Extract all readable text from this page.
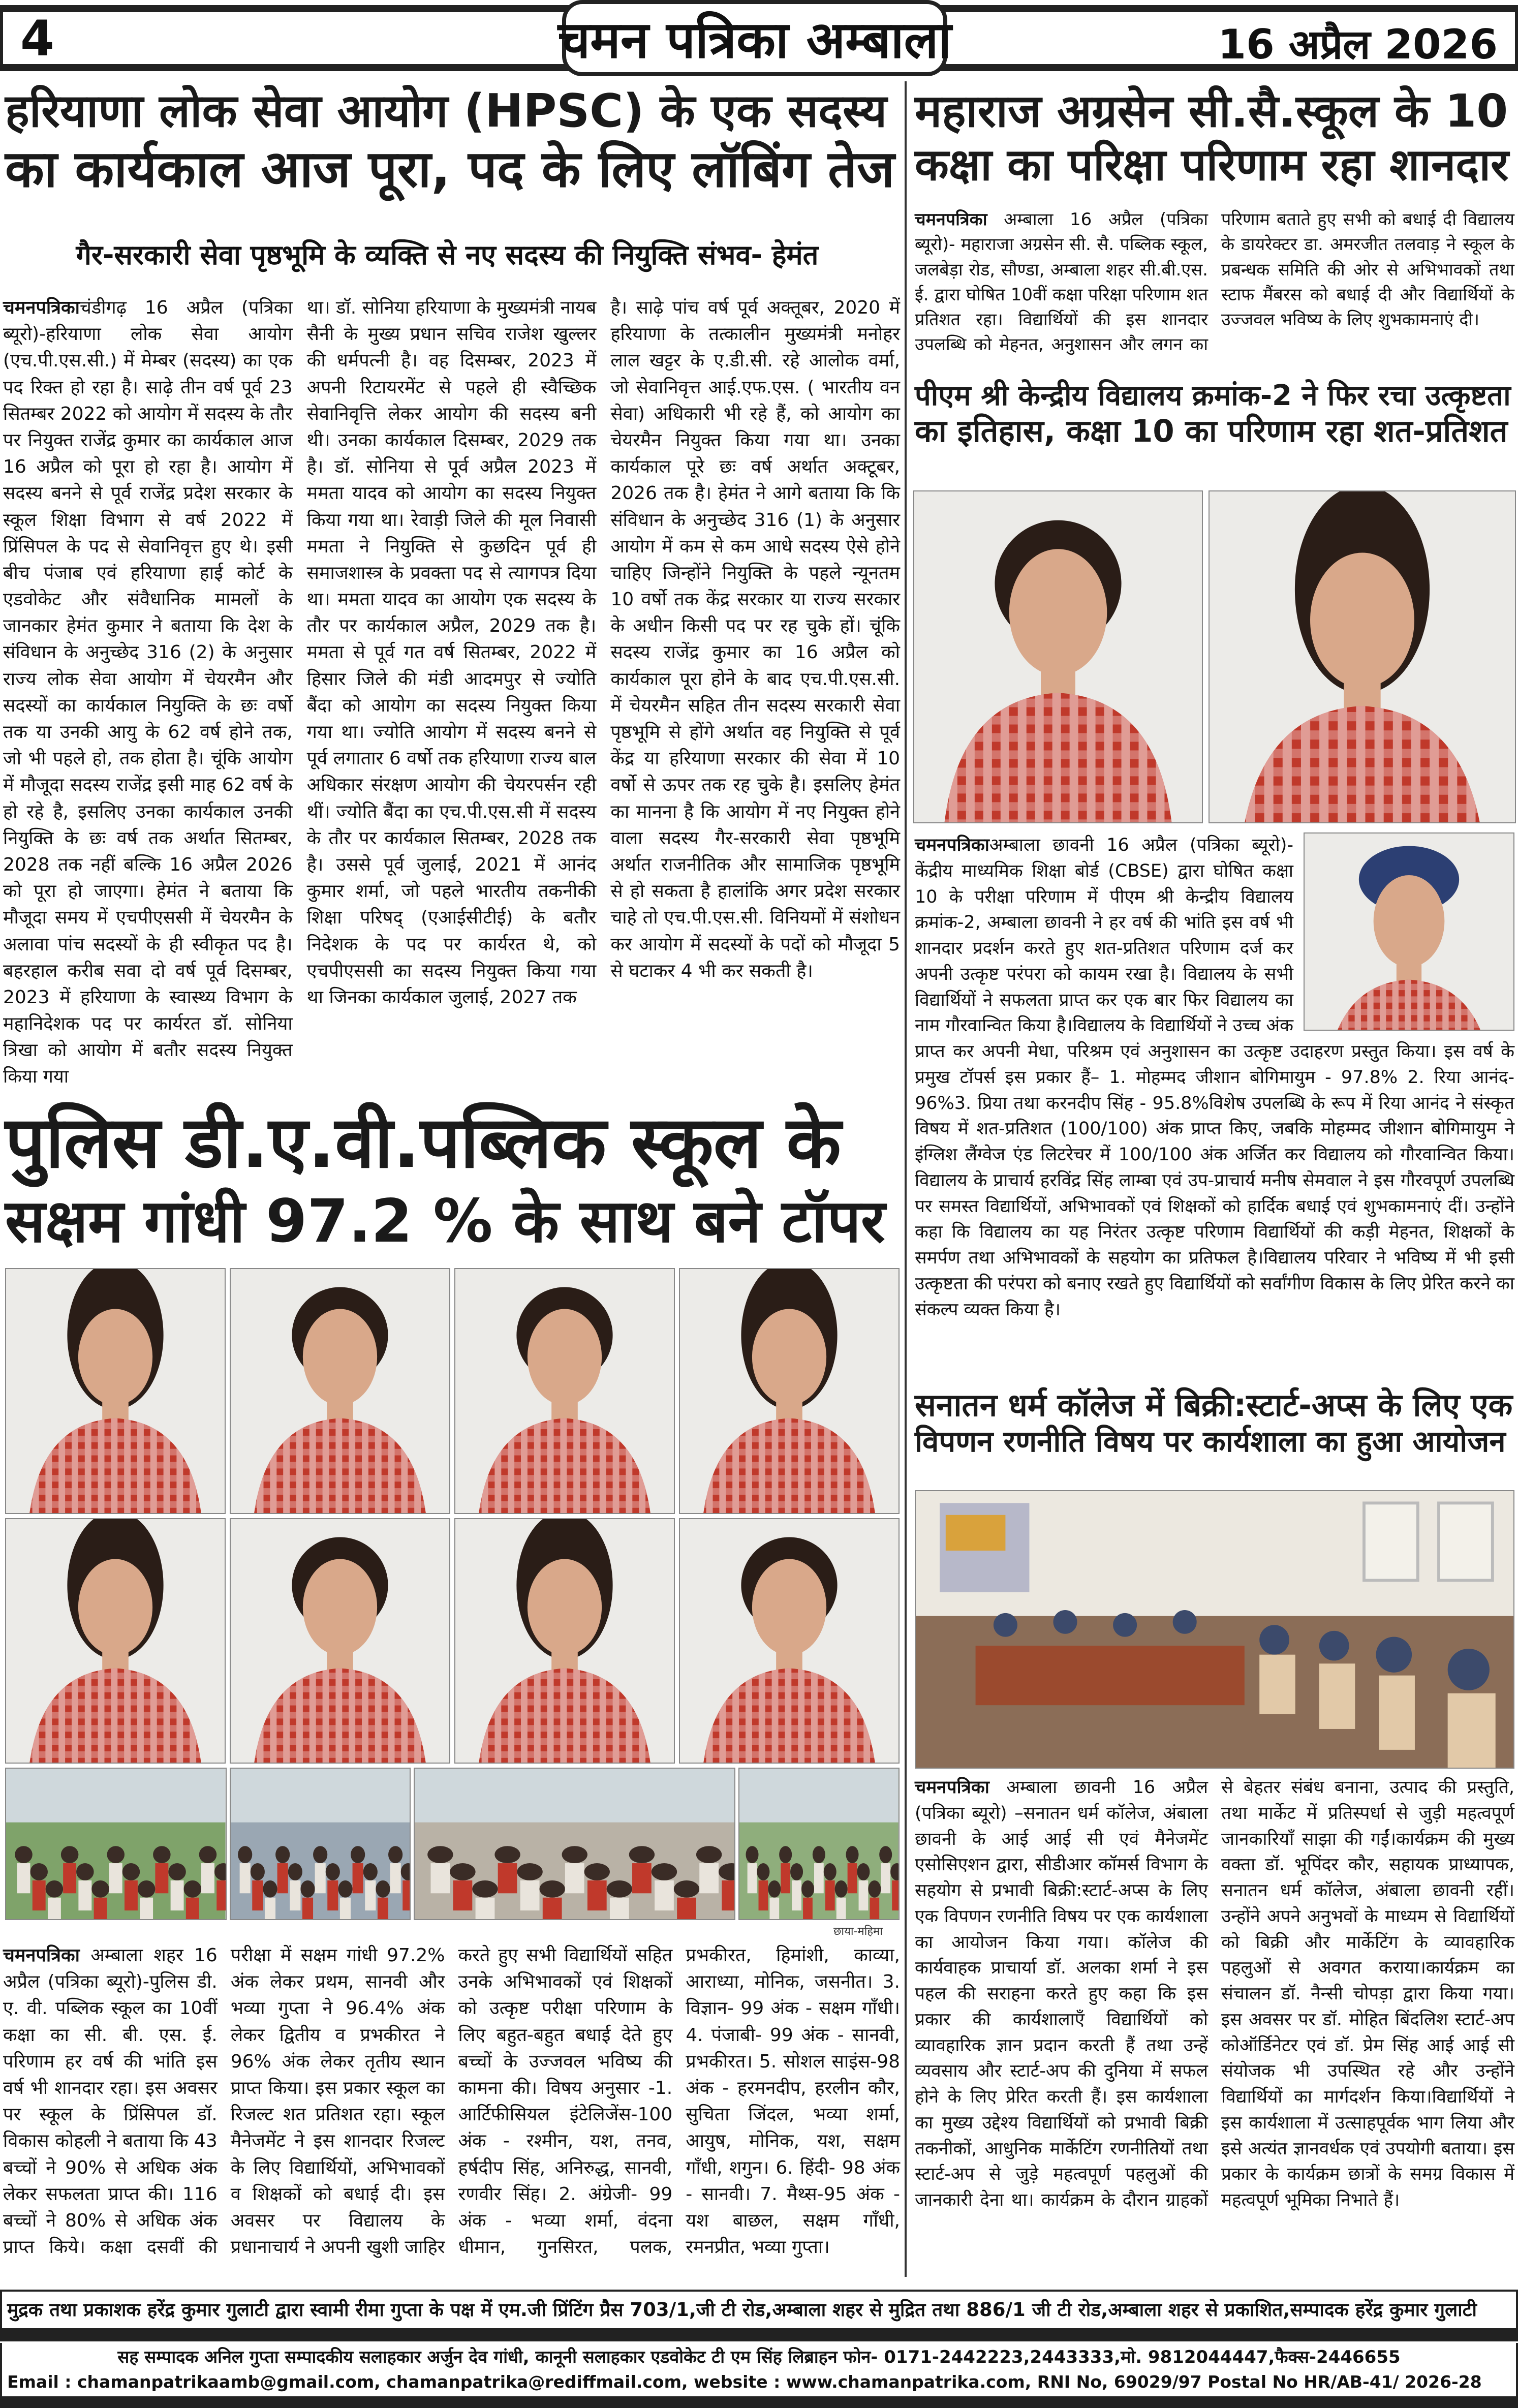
4	चमन पत्रिका अम्बाला	16 अप्रैल 2026
हरियाणा लोक सेवा आयोग (HPSC) के एक सदस्य
का कार्यकाल आज पूरा, पद के लिए लॉबिंग तेज
गैर-सरकारी सेवा पृष्ठभूमि के व्यक्ति से नए सदस्य की नियुक्ति संभव- हेमंत
चमनपत्रिकाचंडीगढ़ 16 अप्रैल (पत्रिका ब्यूरो)-हरियाणा लोक सेवा आयोग (एच.पी.एस.सी.) में मेम्बर (सदस्य) का एक पद रिक्त हो रहा है। साढ़े तीन वर्ष पूर्व 23 सितम्बर 2022 को आयोग में सदस्य के तौर पर नियुक्त राजेंद्र कुमार का कार्यकाल आज 16 अप्रैल को पूरा हो रहा है। आयोग में सदस्य बनने से पूर्व राजेंद्र प्रदेश सरकार के स्कूल शिक्षा विभाग से वर्ष 2022 में प्रिंसिपल के पद से सेवानिवृत्त हुए थे। इसी बीच पंजाब एवं हरियाणा हाई कोर्ट के एडवोकेट और संवैधानिक मामलों के जानकार हेमंत कुमार ने बताया कि देश के संविधान के अनुच्छेद 316 (2) के अनुसार राज्य लोक सेवा आयोग में चेयरमैन और सदस्यों का कार्यकाल नियुक्ति के छः वर्षो तक या उनकी आयु के 62 वर्ष होने तक, जो भी पहले हो, तक होता है। चूंकि आयोग में मौजूदा सदस्य राजेंद्र इसी माह 62 वर्ष के हो रहे है, इसलिए उनका कार्यकाल उनकी नियुक्ति के छः वर्ष तक अर्थात सितम्बर, 2028 तक नहीं बल्कि 16 अप्रैल 2026 को पूरा हो जाएगा। हेमंत ने बताया कि मौजूदा समय में एचपीएससी में चेयरमैन के अलावा पांच सदस्यों के ही स्वीकृत पद है। बहरहाल करीब सवा दो वर्ष पूर्व दिसम्बर, 2023 में हरियाणा के स्वास्थ्य विभाग के महानिदेशक पद पर कार्यरत डॉ. सोनिया त्रिखा को आयोग में बतौर सदस्य नियुक्त किया गया
था। डॉ. सोनिया हरियाणा के मुख्यमंत्री नायब सैनी के मुख्य प्रधान सचिव राजेश खुल्लर की धर्मपत्नी है। वह दिसम्बर, 2023 में अपनी रिटायरमेंट से पहले ही स्वैच्छिक सेवानिवृत्ति लेकर आयोग की सदस्य बनी थी। उनका कार्यकाल दिसम्बर, 2029 तक है। डॉ. सोनिया से पूर्व अप्रैल 2023 में ममता यादव को आयोग का सदस्य नियुक्त किया गया था। रेवाड़ी जिले की मूल निवासी ममता ने नियुक्ति से कुछदिन पूर्व ही समाजशास्त्र के प्रवक्ता पद से त्यागपत्र दिया था। ममता यादव का आयोग एक सदस्य के तौर पर कार्यकाल अप्रैल, 2029 तक है। ममता से पूर्व गत वर्ष सितम्बर, 2022 में हिसार जिले की मंडी आदमपुर से ज्योति बैंदा को आयोग का सदस्य नियुक्त किया गया था। ज्योति आयोग में सदस्य बनने से पूर्व लगातार 6 वर्षो तक हरियाणा राज्य बाल अधिकार संरक्षण आयोग की चेयरपर्सन रही थीं। ज्योति बैंदा का एच.पी.एस.सी में सदस्य के तौर पर कार्यकाल सितम्बर, 2028 तक है। उससे पूर्व जुलाई, 2021 में आनंद कुमार शर्मा, जो पहले भारतीय तकनीकी शिक्षा परिषद् (एआईसीटीई) के बतौर निदेशक के पद पर कार्यरत थे, को एचपीएससी का सदस्य नियुक्त किया गया था जिनका कार्यकाल जुलाई, 2027 तक
है। साढ़े पांच वर्ष पूर्व अक्तूबर, 2020 में हरियाणा के तत्कालीन मुख्यमंत्री मनोहर लाल खट्टर के ए.डी.सी. रहे आलोक वर्मा, जो सेवानिवृत्त आई.एफ.एस. ( भारतीय वन सेवा) अधिकारी भी रहे हैं, को आयोग का चेयरमैन नियुक्त किया गया था। उनका कार्यकाल पूरे छः वर्ष अर्थात अक्टूबर, 2026 तक है। हेमंत ने आगे बताया कि कि संविधान के अनुच्छेद 316 (1) के अनुसार आयोग में कम से कम आधे सदस्य ऐसे होने चाहिए जिन्होंने नियुक्ति के पहले न्यूनतम 10 वर्षो तक केंद्र सरकार या राज्य सरकार के अधीन किसी पद पर रह चुके हों। चूंकि सदस्य राजेंद्र कुमार का 16 अप्रैल को कार्यकाल पूरा होने के बाद एच.पी.एस.सी. में चेयरमैन सहित तीन सदस्य सरकारी सेवा पृष्ठभूमि से होंगे अर्थात वह नियुक्ति से पूर्व केंद्र या हरियाणा सरकार की सेवा में 10 वर्षो से ऊपर तक रह चुके है। इसलिए हेमंत का मानना है कि आयोग में नए नियुक्त होने वाला सदस्य गैर-सरकारी सेवा पृष्ठभूमि अर्थात राजनीतिक और सामाजिक पृष्ठभूमि से हो सकता है हालांकि अगर प्रदेश सरकार चाहे तो एच.पी.एस.सी. विनियमों में संशोधन कर आयोग में सदस्यों के पदों को मौजूदा 5 से घटाकर 4 भी कर सकती है।
पुलिस डी.ए.वी.पब्लिक स्कूल के
सक्षम गांधी 97.2 % के साथ बने टॉपर
छाया-महिमा
चमनपत्रिका अम्बाला शहर 16 अप्रैल (पत्रिका ब्यूरो)-पुलिस डी. ए. वी. पब्लिक स्कूल का 10वीं कक्षा का सी. बी. एस. ई. परिणाम हर वर्ष की भांति इस वर्ष भी शानदार रहा। इस अवसर पर स्कूल के प्रिंसिपल डॉ. विकास कोहली ने बताया कि 43 बच्चों ने 90% से अधिक अंक लेकर सफलता प्राप्त की। 116 बच्चों ने 80% से अधिक अंक प्राप्त किये। कक्षा दसवीं की परीक्षा में सक्षम गांधी 97.2% अंक लेकर प्रथम, सानवी और भव्या गुप्ता ने 96.4% अंक लेकर द्वितीय व प्रभकीरत ने 96% अंक लेकर तृतीय स्थान प्राप्त किया। इस प्रकार स्कूल का रिजल्ट शत प्रतिशत रहा। स्कूल मैनेजमेंट ने इस शानदार रिजल्ट के लिए विद्यार्थियों, अभिभावकों व शिक्षकों को बधाई दी। इस अवसर पर विद्यालय के प्रधानाचार्य ने अपनी खुशी जाहिर करते हुए सभी विद्यार्थियों सहित उनके अभिभावकों एवं शिक्षकों को उत्कृष्ट परीक्षा परिणाम के लिए बहुत-बहुत बधाई देते हुए बच्चों के उज्जवल भविष्य की कामना की। विषय अनुसार -1. आर्टिफीसियल इंटेलिजेंस-100 अंक - रश्मीन, यश, तनव, हर्षदीप सिंह, अनिरुद्ध, सानवी, रणवीर सिंह। 2. अंग्रेजी- 99 अंक - भव्या शर्मा, वंदना धीमान, गुनसिरत, पलक, प्रभकीरत, हिमांशी, काव्या, आराध्या, मोनिक, जसनीत। 3. विज्ञान- 99 अंक - सक्षम गाँधी। 4. पंजाबी- 99 अंक - सानवी, प्रभकीरत। 5. सोशल साइंस-98 अंक - हरमनदीप, हरलीन कौर, सुचिता जिंदल, भव्या शर्मा, आयुष, मोनिक, यश, सक्षम गाँधी, शगुन। 6. हिंदी- 98 अंक - सानवी। 7. मैथ्स-95 अंक - यश बाछल, सक्षम गाँधी, रमनप्रीत, भव्या गुप्ता।
महाराज अग्रसेन सी.सै.स्कूल के 10
कक्षा का परिक्षा परिणाम रहा शानदार
चमनपत्रिका अम्बाला 16 अप्रैल (पत्रिका ब्यूरो)- महाराजा अग्रसेन सी. सै. पब्लिक स्कूल, जलबेड़ा रोड, सौण्डा, अम्बाला शहर सी.बी.एस. ई. द्वारा घोषित 10वीं कक्षा परिक्षा परिणाम शत प्रतिशत रहा। विद्यार्थियों की इस शानदार उपलब्धि को मेहनत, अनुशासन और लगन का परिणाम बताते हुए सभी को बधाई दी विद्यालय के डायरेक्टर डा. अमरजीत तलवाड़ ने स्कूल के प्रबन्धक समिति की ओर से अभिभावकों तथा स्टाफ मैंबरस को बधाई दी और विद्यार्थियों के उज्जवल भविष्य के लिए शुभकामनाएं दी।
पीएम श्री केन्द्रीय विद्यालय क्रमांक-2 ने फिर रचा उत्कृष्टता
का इतिहास, कक्षा 10 का परिणाम रहा शत-प्रतिशत
चमनपत्रिकाअम्बाला छावनी 16 अप्रैल (पत्रिका ब्यूरो)-केंद्रीय माध्यमिक शिक्षा बोर्ड (CBSE) द्वारा घोषित कक्षा 10 के परीक्षा परिणाम में पीएम श्री केन्द्रीय विद्यालय क्रमांक-2, अम्बाला छावनी ने हर वर्ष की भांति इस वर्ष भी शानदार प्रदर्शन करते हुए शत-प्रतिशत परिणाम दर्ज कर अपनी उत्कृष्ट परंपरा को कायम रखा है। विद्यालय के सभी विद्यार्थियों ने सफलता प्राप्त कर एक बार फिर विद्यालय का नाम गौरवान्वित किया है।विद्यालय के विद्यार्थियों ने उच्च अंक प्राप्त कर अपनी मेधा, परिश्रम एवं अनुशासन का उत्कृष्ट उदाहरण प्रस्तुत किया। इस वर्ष के प्रमुख टॉपर्स इस प्रकार हैं– 1. मोहम्मद जीशान बोगिमायुम - 97.8% 2. रिया आनंद- 96%3. प्रिया तथा करनदीप सिंह - 95.8%विशेष उपलब्धि के रूप में रिया आनंद ने संस्कृत विषय में शत-प्रतिशत (100/100) अंक प्राप्त किए, जबकि मोहम्मद जीशान बोगिमायुम ने इंग्लिश लैंग्वेज एंड लिटरेचर में 100/100 अंक अर्जित कर विद्यालय को गौरवान्वित किया।विद्यालय के प्राचार्य हरविंद्र सिंह लाम्बा एवं उप-प्राचार्य मनीष सेमवाल ने इस गौरवपूर्ण उपलब्धि पर समस्त विद्यार्थियों, अभिभावकों एवं शिक्षकों को हार्दिक बधाई एवं शुभकामनाएं दीं। उन्होंने कहा कि विद्यालय का यह निरंतर उत्कृष्ट परिणाम विद्यार्थियों की कड़ी मेहनत, शिक्षकों के समर्पण तथा अभिभावकों के सहयोग का प्रतिफल है।विद्यालय परिवार ने भविष्य में भी इसी उत्कृष्टता की परंपरा को बनाए रखते हुए विद्यार्थियों को सर्वांगीण विकास के लिए प्रेरित करने का संकल्प व्यक्त किया है।
सनातन धर्म कॉलेज में बिक्री:स्टार्ट-अप्स के लिए एक
विपणन रणनीति विषय पर कार्यशाला का हुआ आयोजन
चमनपत्रिका अम्बाला छावनी 16 अप्रैल (पत्रिका ब्यूरो) –सनातन धर्म कॉलेज, अंबाला छावनी के आई आई सी एवं मैनेजमेंट एसोसिएशन द्वारा, सीडीआर कॉमर्स विभाग के सहयोग से प्रभावी बिक्री:स्टार्ट-अप्स के लिए एक विपणन रणनीति विषय पर एक कार्यशाला का आयोजन किया गया। कॉलेज की कार्यवाहक प्राचार्या डॉ. अलका शर्मा ने इस पहल की सराहना करते हुए कहा कि इस प्रकार की कार्यशालाएँ विद्यार्थियों को व्यावहारिक ज्ञान प्रदान करती हैं तथा उन्हें व्यवसाय और स्टार्ट-अप की दुनिया में सफल होने के लिए प्रेरित करती हैं। इस कार्यशाला का मुख्य उद्देश्य विद्यार्थियों को प्रभावी बिक्री तकनीकों, आधुनिक मार्केटिंग रणनीतियों तथा स्टार्ट-अप से जुड़े महत्वपूर्ण पहलुओं की जानकारी देना था। कार्यक्रम के दौरान ग्राहकों से बेहतर संबंध बनाना, उत्पाद की प्रस्तुति, तथा मार्केट में प्रतिस्पर्धा से जुड़ी महत्वपूर्ण जानकारियाँ साझा की गईं।कार्यक्रम की मुख्य वक्ता डॉ. भूपिंदर कौर, सहायक प्राध्यापक, सनातन धर्म कॉलेज, अंबाला छावनी रहीं। उन्होंने अपने अनुभवों के माध्यम से विद्यार्थियों को बिक्री और मार्केटिंग के व्यावहारिक पहलुओं से अवगत कराया।कार्यक्रम का संचालन डॉ. नैन्सी चोपड़ा द्वारा किया गया। इस अवसर पर डॉ. मोहित बिंदलिश स्टार्ट-अप कोऑर्डिनेटर एवं डॉ. प्रेम सिंह आई आई सी संयोजक भी उपस्थित रहे और उन्होंने विद्यार्थियों का मार्गदर्शन किया।विद्यार्थियों ने इस कार्यशाला में उत्साहपूर्वक भाग लिया और इसे अत्यंत ज्ञानवर्धक एवं उपयोगी बताया। इस प्रकार के कार्यक्रम छात्रों के समग्र विकास में महत्वपूर्ण भूमिका निभाते हैं।
मुद्रक तथा प्रकाशक हरेंद्र कुमार गुलाटी द्वारा स्वामी रीमा गुप्ता के पक्ष में एम.जी प्रिंटिंग प्रैस 703/1,जी टी रोड,अम्बाला शहर से मुद्रित तथा 886/1 जी टी रोड,अम्बाला शहर से प्रकाशित,सम्पादक हरेंद्र कुमार गुलाटी
सह सम्पादक अनिल गुप्ता सम्पादकीय सलाहकार अर्जुन देव गांधी, कानूनी सलाहकार एडवोकेट टी एम सिंह लिब्राहन फोन- 0171-2442223,2443333,मो. 9812044447,फैक्स-2446655
Email : chamanpatrikaamb@gmail.com, chamanpatrika@rediffmail.com, website : www.chamanpatrika.com, RNI No, 69029/97 Postal No HR/AB-41/ 2026-28
